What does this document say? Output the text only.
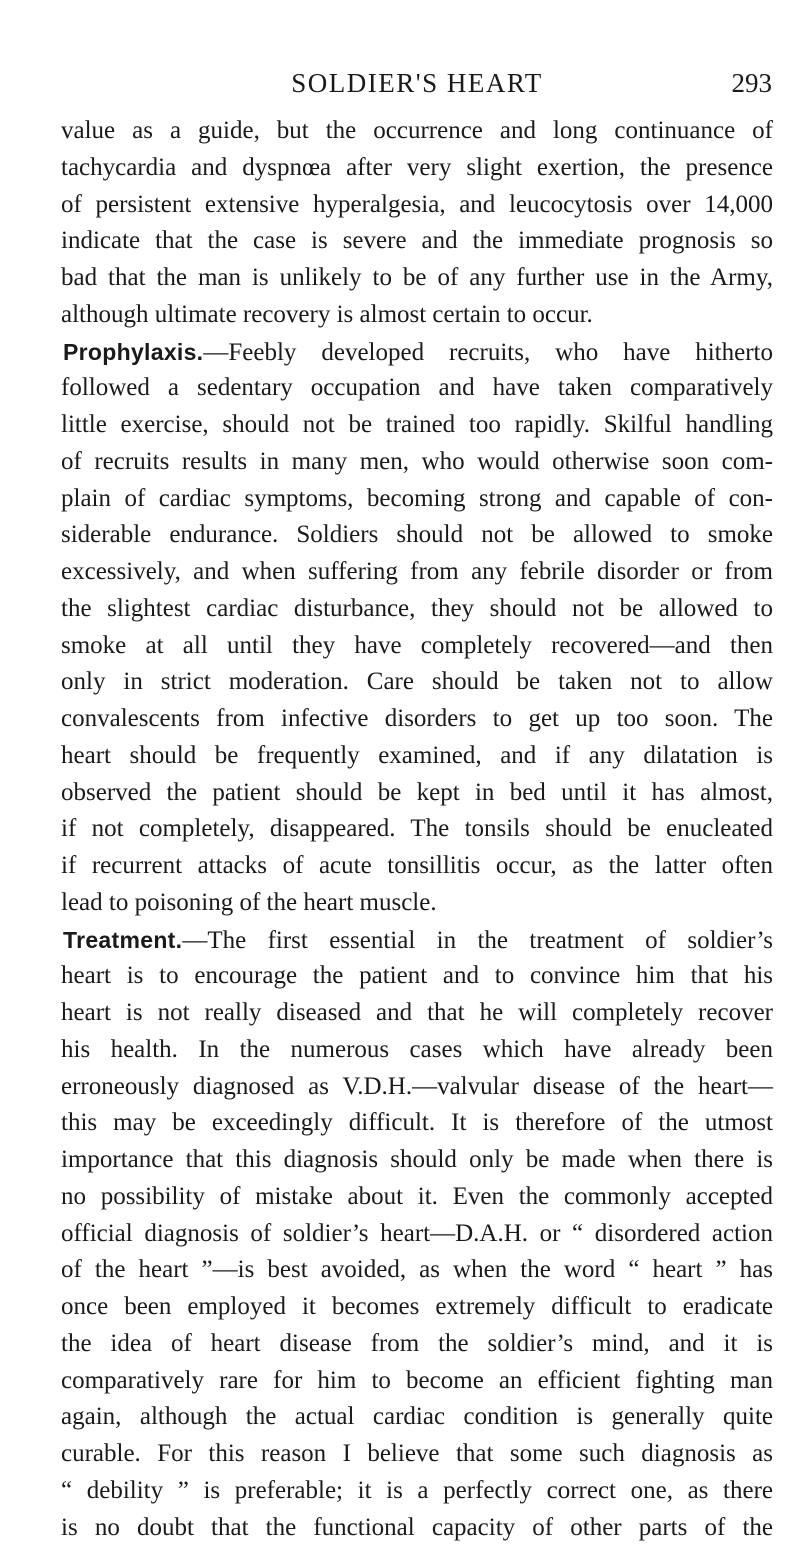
SOLDIER'S HEART	293
value as a guide, but the occurrence and long continuance of
tachycardia and dyspnœa after very slight exertion, the presence
of persistent extensive hyperalgesia, and leucocytosis over 14,000
indicate that the case is severe and the immediate prognosis so
bad that the man is unlikely to be of any further use in the Army,
although ultimate recovery is almost certain to occur.
Prophylaxis.—Feebly developed recruits, who have hitherto
followed a sedentary occupation and have taken comparatively
little exercise, should not be trained too rapidly. Skilful handling
of recruits results in many men, who would otherwise soon com-
plain of cardiac symptoms, becoming strong and capable of con-
siderable endurance. Soldiers should not be allowed to smoke
excessively, and when suffering from any febrile disorder or from
the slightest cardiac disturbance, they should not be allowed to
smoke at all until they have completely recovered—and then
only in strict moderation. Care should be taken not to allow
convalescents from infective disorders to get up too soon. The
heart should be frequently examined, and if any dilatation is
observed the patient should be kept in bed until it has almost,
if not completely, disappeared. The tonsils should be enucleated
if recurrent attacks of acute tonsillitis occur, as the latter often
lead to poisoning of the heart muscle.
Treatment.—The first essential in the treatment of soldier’s
heart is to encourage the patient and to convince him that his
heart is not really diseased and that he will completely recover
his health. In the numerous cases which have already been
erroneously diagnosed as V.D.H.—valvular disease of the heart—
this may be exceedingly difficult. It is therefore of the utmost
importance that this diagnosis should only be made when there is
no possibility of mistake about it. Even the commonly accepted
official diagnosis of soldier’s heart—D.A.H. or “ disordered action
of the heart ”—is best avoided, as when the word “ heart ” has
once been employed it becomes extremely difficult to eradicate
the idea of heart disease from the soldier’s mind, and it is
comparatively rare for him to become an efficient fighting man
again, although the actual cardiac condition is generally quite
curable. For this reason I believe that some such diagnosis as
“ debility ” is preferable; it is a perfectly correct one, as there
is no doubt that the functional capacity of other parts of the
